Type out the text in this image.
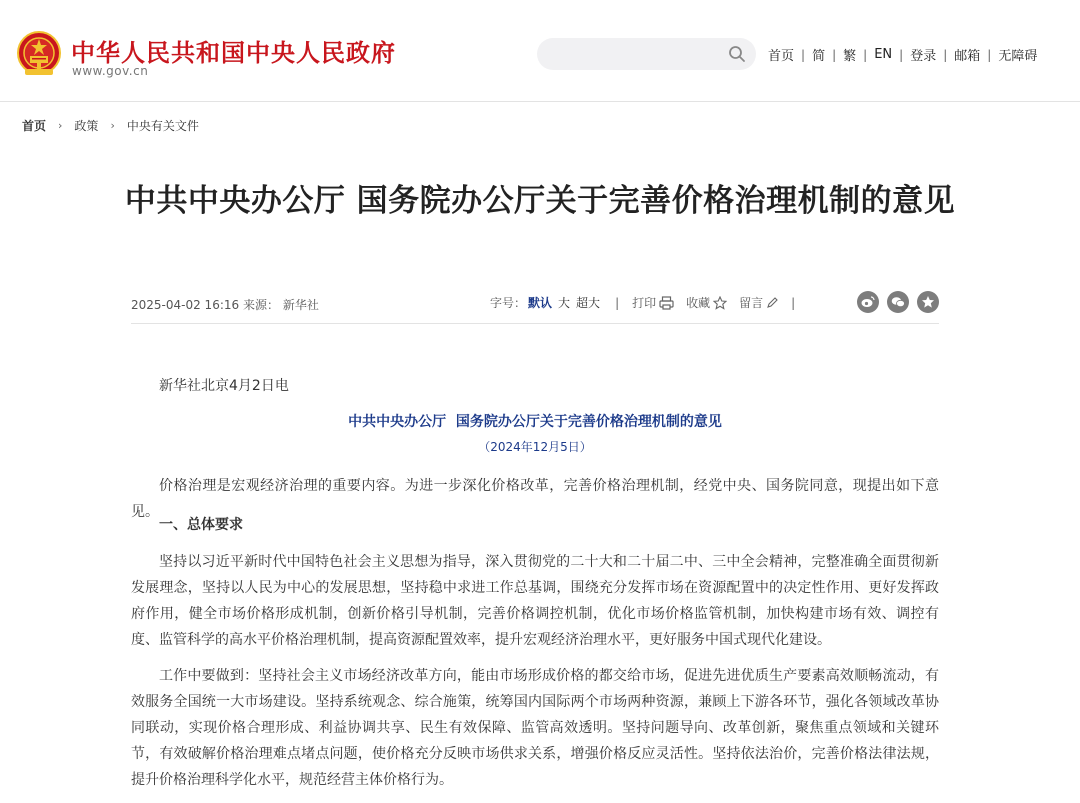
中华人民共和国中央人民政府
www.gov.cn
首页 | 简 | 繁 | EN | 登录 | 邮箱 | 无障碍
首页 › 政策 › 中央有关文件
中共中央办公厅 国务院办公厅关于完善价格治理机制的意见
2025-04-02 16:16 来源： 新华社	字号： 默认 大 超大 | 打印	收藏 留言 |
新华社北京4月2日电
中共中央办公厅  国务院办公厅关于完善价格治理机制的意见
（2024年12月5日）

价格治理是宏观经济治理的重要内容。为进一步深化价格改革，完善价格治理机制，经党中央、国务院同意，现提出如下意见。

一、总体要求

坚持以习近平新时代中国特色社会主义思想为指导，深入贯彻党的二十大和二十届二中、三中全会精神，完整准确全面贯彻新发展理念，坚持以人民为中心的发展思想，坚持稳中求进工作总基调，围绕充分发挥市场在资源配置中的决定性作用、更好发挥政府作用，健全市场价格形成机制，创新价格引导机制，完善价格调控机制，优化市场价格监管机制，加快构建市场有效、调控有度、监管科学的高水平价格治理机制，提高资源配置效率，提升宏观经济治理水平，更好服务中国式现代化建设。

工作中要做到：坚持社会主义市场经济改革方向，能由市场形成价格的都交给市场，促进先进优质生产要素高效顺畅流动，有效服务全国统一大市场建设。坚持系统观念、综合施策，统筹国内国际两个市场两种资源，兼顾上下游各环节，强化各领域改革协同联动，实现价格合理形成、利益协调共享、民生有效保障、监管高效透明。坚持问题导向、改革创新，聚焦重点领域和关键环节，有效破解价格治理难点堵点问题，使价格充分反映市场供求关系，增强价格反应灵活性。坚持依法治价，完善价格法律法规，提升价格治理科学化水平，规范经营主体价格行为。
